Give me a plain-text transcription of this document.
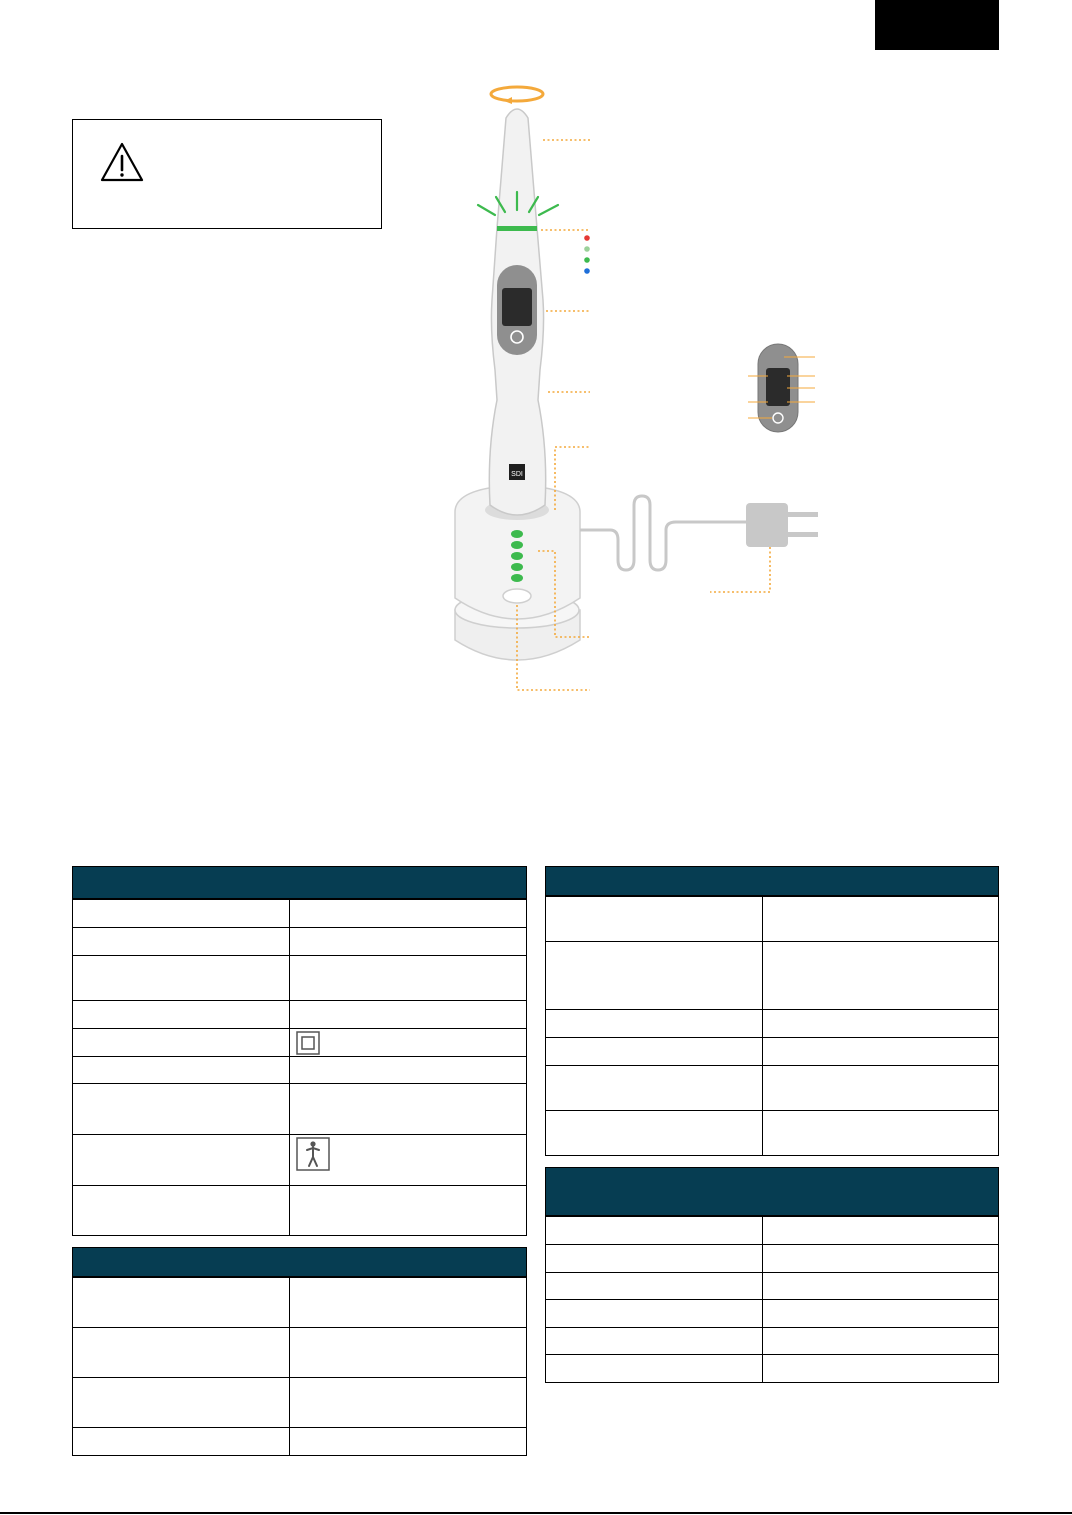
SDI
